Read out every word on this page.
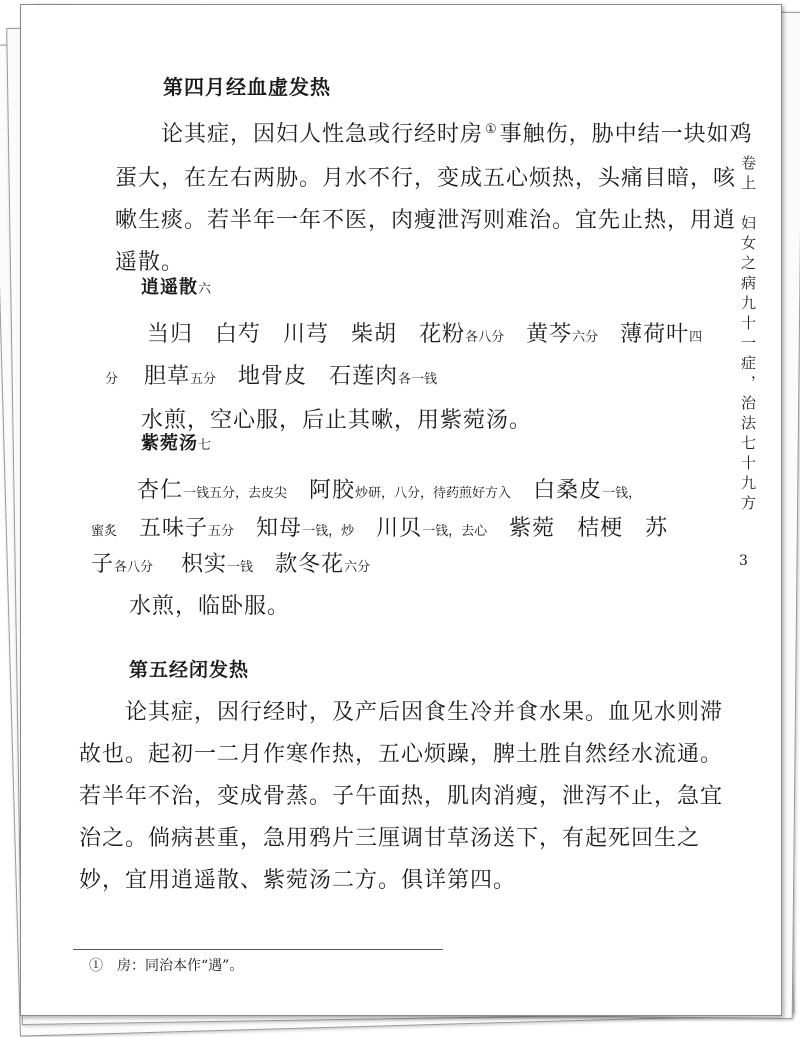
第四月经血虚发热
论其症，因妇人性急或行经时房 ①事触伤，胁中结一块如鸡
蛋大，在左右两胁。月水不行，变成五心烦热，头痛目暗，咳
嗽生痰。若半年一年不医，肉瘦泄泻则难治。宜先止热，用逍
遥散。
逍遥散六
当归 白芍 川芎 柴胡 花粉各八分 黄芩六分 薄荷叶四
分 胆草五分 地骨皮 石莲肉各一钱
水煎，空心服，后止其嗽，用紫菀汤。
紫菀汤七
杏仁一钱五分，去皮尖 阿胶炒研，八分，待药煎好方入 白桑皮一钱，
蜜炙 五味子五分 知母一钱，炒 川贝一钱，去心 紫菀 桔梗 苏
子各八分 枳实一钱 款冬花六分
水煎，临卧服。
第五经闭发热
论其症，因行经时，及产后因食生冷并食水果。血见水则滞
故也。起初一二月作寒作热，五心烦躁，脾土胜自然经水流通。
若半年不治，变成骨蒸。子午面热，肌肉消瘦，泄泻不止，急宜
治之。倘病甚重，急用鸦片三厘调甘草汤送下，有起死回生之
妙，宜用逍遥散、紫菀汤二方。俱详第四。
卷上　妇女之病九十一症，治法七十九方
3
①　房：同治本作“遇”。
